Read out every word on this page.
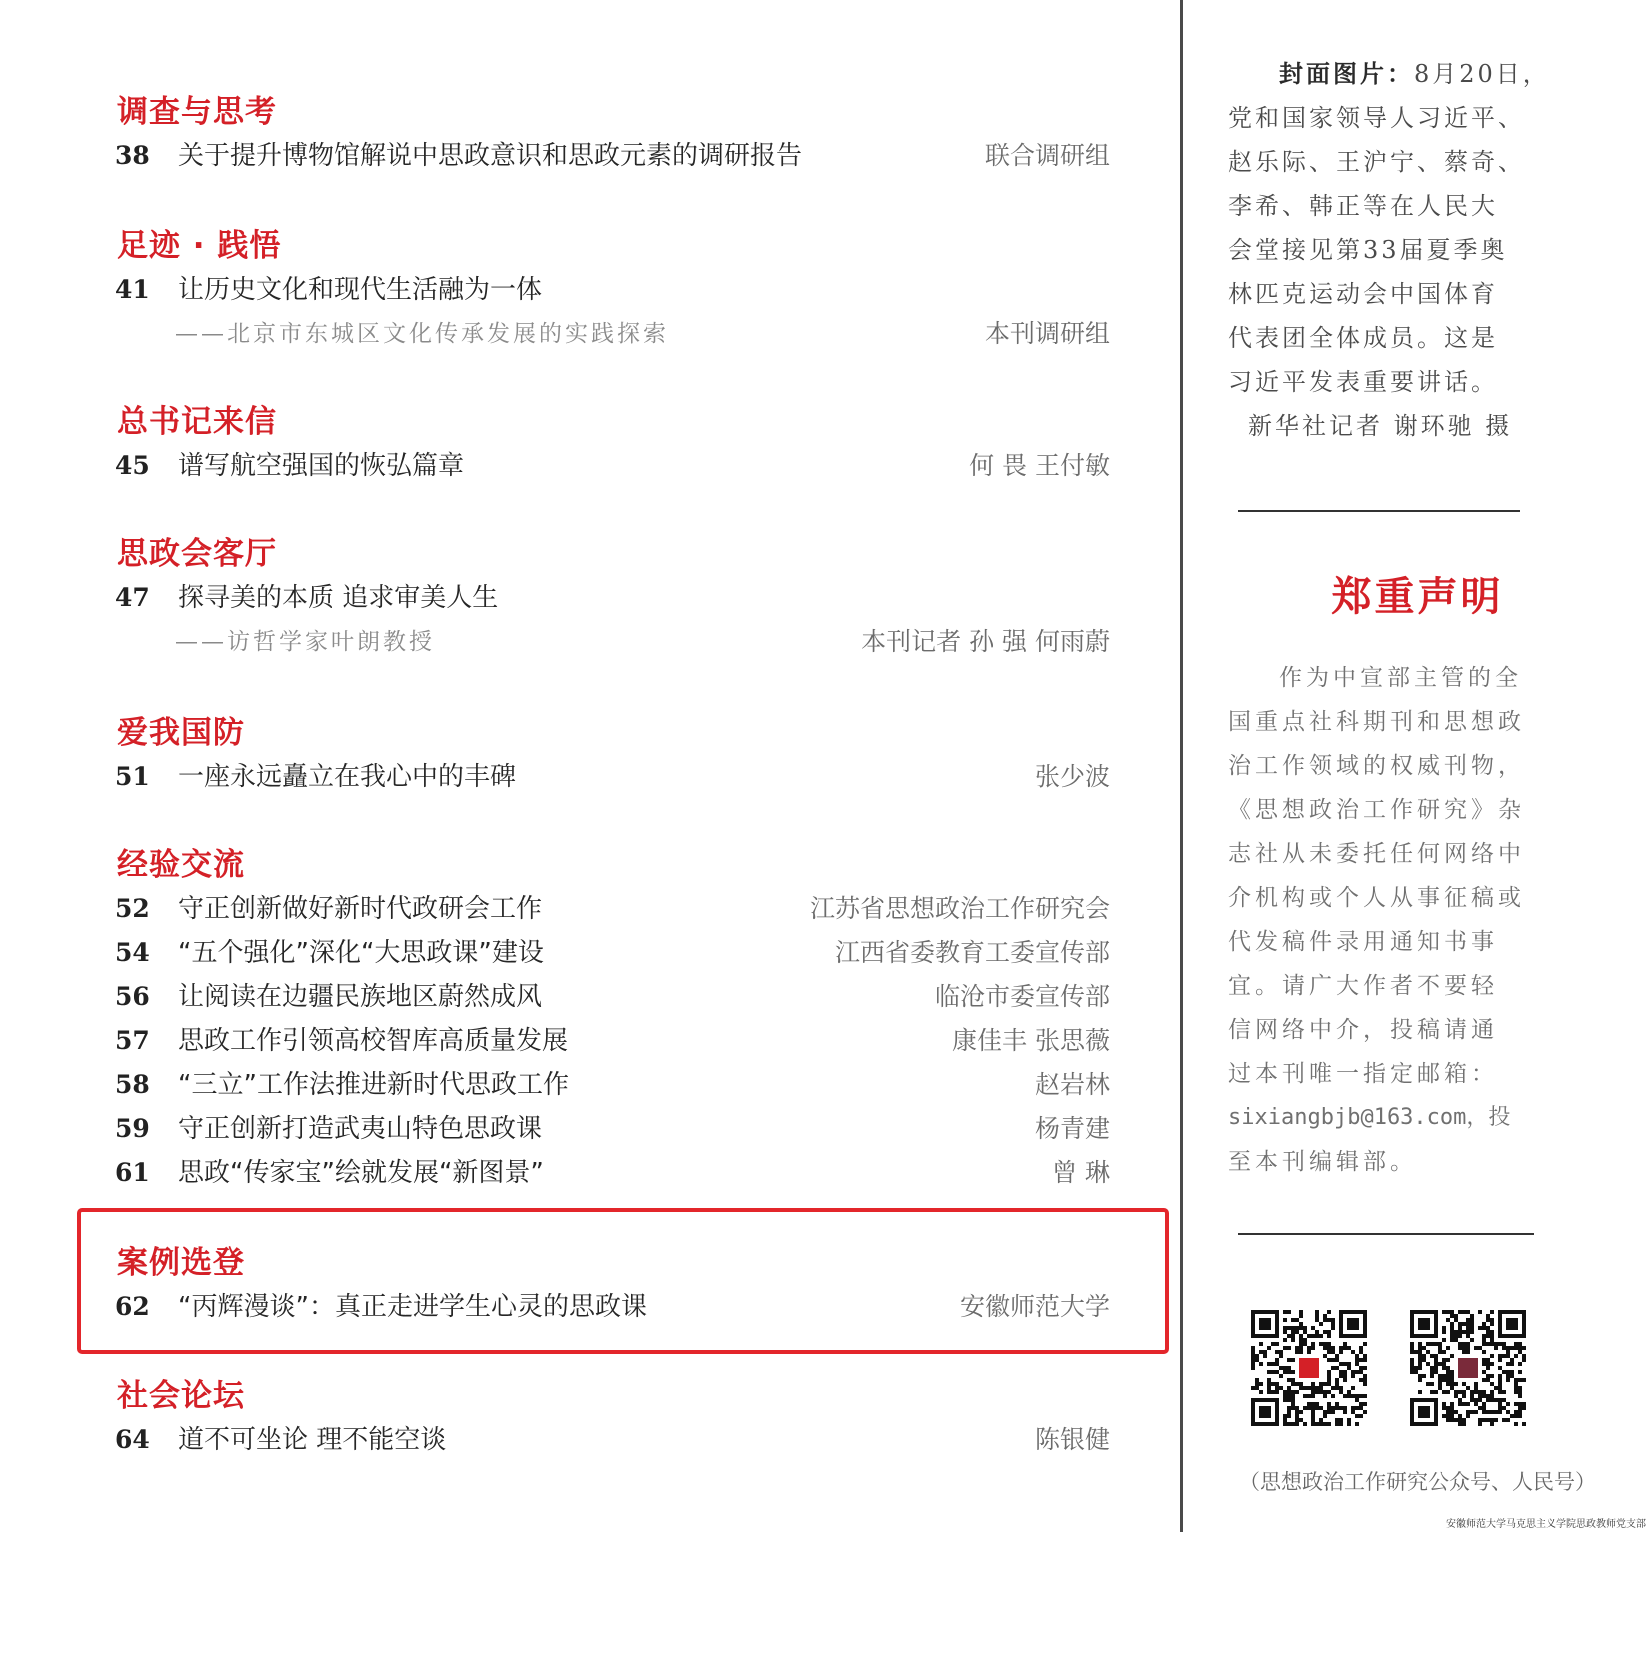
调查与思考
38	关于提升博物馆解说中思政意识和思政元素的调研报告	联合调研组
足迹 · 践悟
41	让历史文化和现代生活融为一体
——北京市东城区文化传承发展的实践探索	本刊调研组
总书记来信
45	谱写航空强国的恢弘篇章	何 畏 王付敏
思政会客厅
47	探寻美的本质 追求审美人生
——访哲学家叶朗教授	本刊记者 孙 强 何雨蔚
爱我国防
51	一座永远矗立在我心中的丰碑	张少波
经验交流
52	守正创新做好新时代政研会工作	江苏省思想政治工作研究会
54	“五个强化”深化“大思政课”建设	江西省委教育工委宣传部
56	让阅读在边疆民族地区蔚然成风	临沧市委宣传部
57	思政工作引领高校智库高质量发展	康佳丰 张思薇
58	“三立”工作法推进新时代思政工作	赵岩林
59	守正创新打造武夷山特色思政课	杨青建
61	思政“传家宝”绘就发展“新图景”	曾 琳
案例选登
62	“丙辉漫谈”：真正走进学生心灵的思政课	安徽师范大学
社会论坛
64	道不可坐论 理不能空谈	陈银健
封面图片：8月20日，
党和国家领导人习近平、
赵乐际、王沪宁、蔡奇、
李希、韩正等在人民大
会堂接见第33届夏季奥
林匹克运动会中国体育
代表团全体成员。这是
习近平发表重要讲话。
新华社记者 谢环驰 摄
郑重声明
作为中宣部主管的全
国重点社科期刊和思想政
治工作领域的权威刊物，
《思想政治工作研究》杂
志社从未委托任何网络中
介机构或个人从事征稿或
代发稿件录用通知书事
宜。请广大作者不要轻
信网络中介，投稿请通
过本刊唯一指定邮箱：
sixiangbjb@163.com，投
至本刊编辑部。
（思想政治工作研究公众号、人民号）
安徽师范大学马克思主义学院思政教师党支部
